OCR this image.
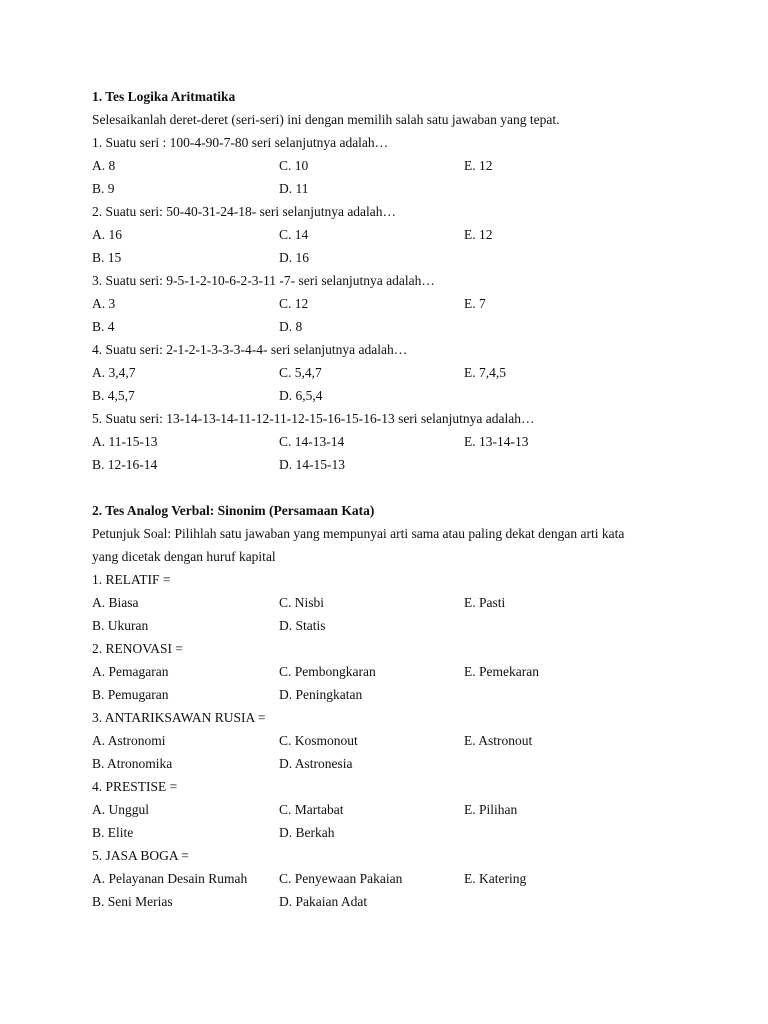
1. Tes Logika Aritmatika
Selesaikanlah deret-deret (seri-seri) ini dengan memilih salah satu jawaban yang tepat.
1. Suatu seri : 100-4-90-7-80 seri selanjutnya adalah…
A. 8	C. 10	E. 12
B. 9	D. 11
2. Suatu seri: 50-40-31-24-18- seri selanjutnya adalah…
A. 16	C. 14	E. 12
B. 15	D. 16
3. Suatu seri: 9-5-1-2-10-6-2-3-11 -7- seri selanjutnya adalah…
A. 3	C. 12	E. 7
B. 4	D. 8
4. Suatu seri: 2-1-2-1-3-3-3-4-4- seri selanjutnya adalah…
A. 3,4,7	C. 5,4,7	E. 7,4,5
B. 4,5,7	D. 6,5,4
5. Suatu seri: 13-14-13-14-11-12-11-12-15-16-15-16-13 seri selanjutnya adalah…
A. 11-15-13	C. 14-13-14	E. 13-14-13
B. 12-16-14	D. 14-15-13
2. Tes Analog Verbal: Sinonim (Persamaan Kata)
Petunjuk Soal: Pilihlah satu jawaban yang mempunyai arti sama atau paling dekat dengan arti kata
yang dicetak dengan huruf kapital
1. RELATIF =
A. Biasa	C. Nisbi	E. Pasti
B. Ukuran	D. Statis
2. RENOVASI =
A. Pemagaran	C. Pembongkaran	E. Pemekaran
B. Pemugaran	D. Peningkatan
3. ANTARIKSAWAN RUSIA =
A. Astronomi	C. Kosmonout	E. Astronout
B. Atronomika	D. Astronesia
4. PRESTISE =
A. Unggul	C. Martabat	E. Pilihan
B. Elite	D. Berkah
5. JASA BOGA =
A. Pelayanan Desain Rumah C. Penyewaan Pakaian	E. Katering
B. Seni Merias	D. Pakaian Adat
